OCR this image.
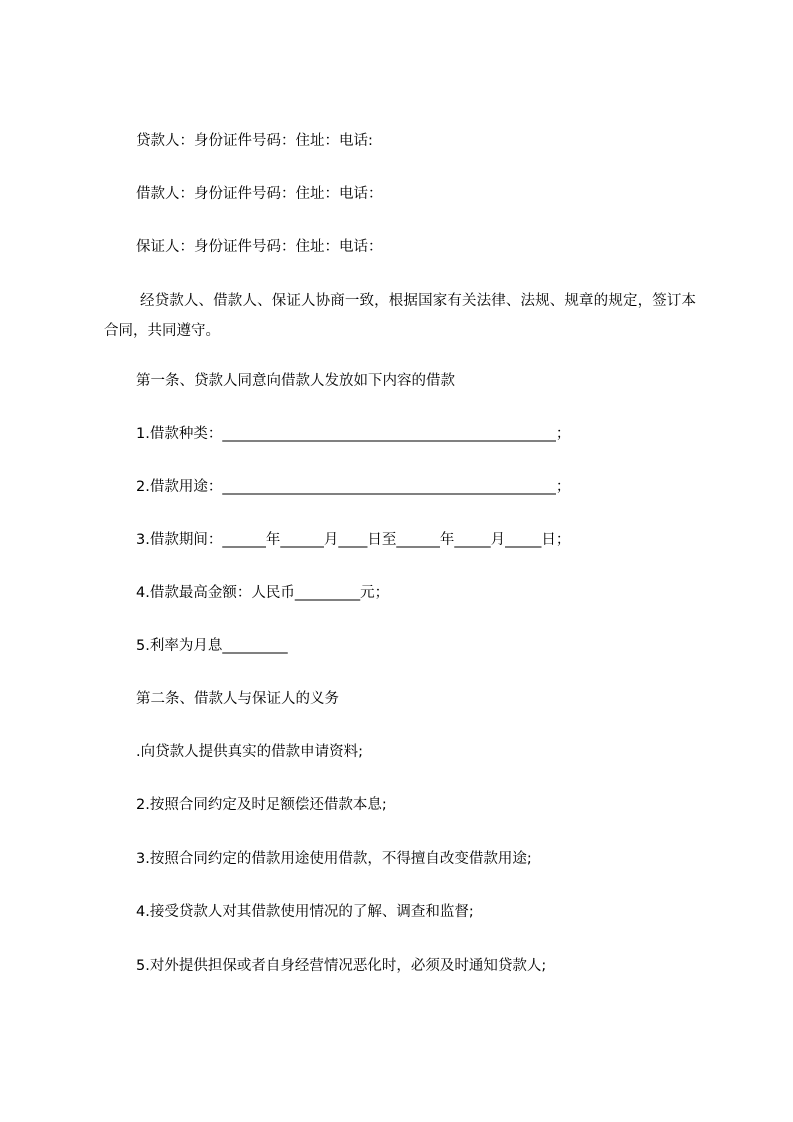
贷款人：身份证件号码：住址：电话:
借款人：身份证件号码：住址：电话：
保证人：身份证件号码：住址：电话：
经贷款人、借款人、保证人协商一致，根据国家有关法律、法规、规章的规定，签订本合同，共同遵守。
第一条、贷款人同意向借款人发放如下内容的借款
1.借款种类：______________________________________________；
2.借款用途：______________________________________________；
3.借款期间：______年______月____日至______年_____月_____日；
4.借款最高金额：人民币_________元；
5.利率为月息_________
第二条、借款人与保证人的义务
.向贷款人提供真实的借款申请资料;
2.按照合同约定及时足额偿还借款本息;
3.按照合同约定的借款用途使用借款，不得擅自改变借款用途;
4.接受贷款人对其借款使用情况的了解、调查和监督;
5.对外提供担保或者自身经营情况恶化时，必须及时通知贷款人;
